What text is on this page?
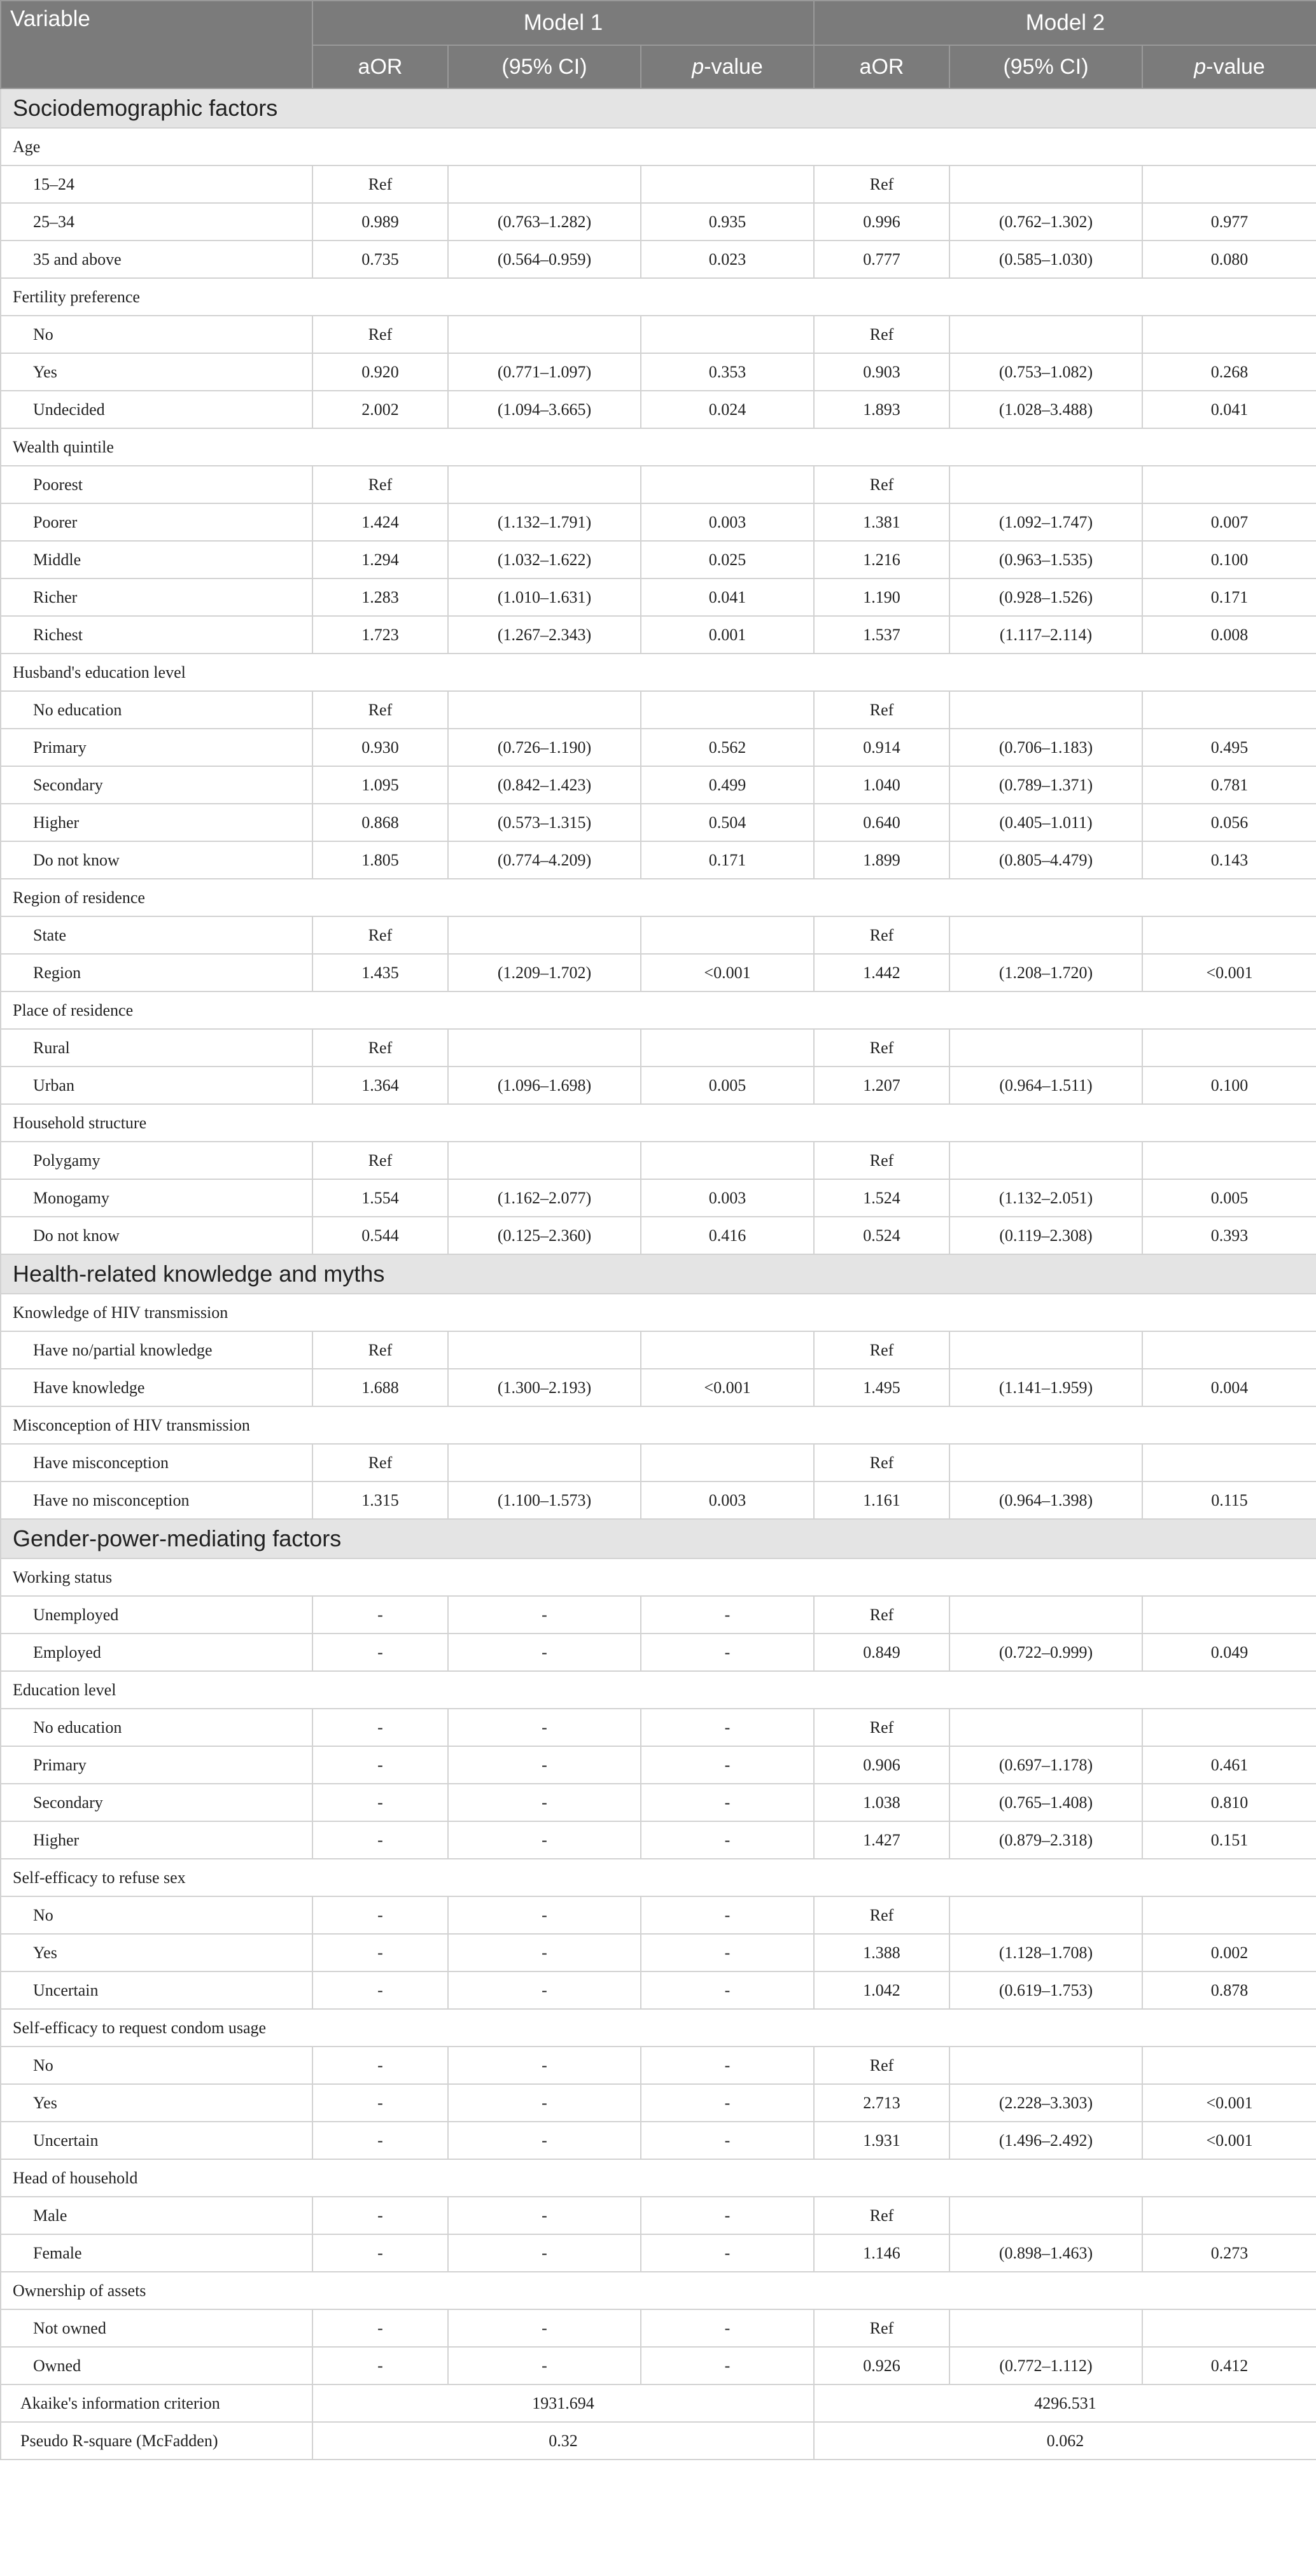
Variable	Model 1			Model 2		
	aOR	(95% CI)	p-value	aOR	(95% CI)	p-value
Sociodemographic factors						
Age						
15–24	Ref			Ref		
25–34	0.989	(0.763–1.282)	0.935	0.996	(0.762–1.302)	0.977
35 and above	0.735	(0.564–0.959)	0.023	0.777	(0.585–1.030)	0.080
Fertility preference						
No	Ref			Ref		
Yes	0.920	(0.771–1.097)	0.353	0.903	(0.753–1.082)	0.268
Undecided	2.002	(1.094–3.665)	0.024	1.893	(1.028–3.488)	0.041
Wealth quintile						
Poorest	Ref			Ref		
Poorer	1.424	(1.132–1.791)	0.003	1.381	(1.092–1.747)	0.007
Middle	1.294	(1.032–1.622)	0.025	1.216	(0.963–1.535)	0.100
Richer	1.283	(1.010–1.631)	0.041	1.190	(0.928–1.526)	0.171
Richest	1.723	(1.267–2.343)	0.001	1.537	(1.117–2.114)	0.008
Husband's education level						
No education	Ref			Ref		
Primary	0.930	(0.726–1.190)	0.562	0.914	(0.706–1.183)	0.495
Secondary	1.095	(0.842–1.423)	0.499	1.040	(0.789–1.371)	0.781
Higher	0.868	(0.573–1.315)	0.504	0.640	(0.405–1.011)	0.056
Do not know	1.805	(0.774–4.209)	0.171	1.899	(0.805–4.479)	0.143
Region of residence						
State	Ref			Ref		
Region	1.435	(1.209–1.702)	<0.001	1.442	(1.208–1.720)	<0.001
Place of residence						
Rural	Ref			Ref		
Urban	1.364	(1.096–1.698)	0.005	1.207	(0.964–1.511)	0.100
Household structure						
Polygamy	Ref			Ref		
Monogamy	1.554	(1.162–2.077)	0.003	1.524	(1.132–2.051)	0.005
Do not know	0.544	(0.125–2.360)	0.416	0.524	(0.119–2.308)	0.393
Health-related knowledge and myths						
Knowledge of HIV transmission						
Have no/partial knowledge	Ref			Ref		
Have knowledge	1.688	(1.300–2.193)	<0.001	1.495	(1.141–1.959)	0.004
Misconception of HIV transmission						
Have misconception	Ref			Ref		
Have no misconception	1.315	(1.100–1.573)	0.003	1.161	(0.964–1.398)	0.115
Gender-power-mediating factors						
Working status						
Unemployed	-	-	-	Ref		
Employed	-	-	-	0.849	(0.722–0.999)	0.049
Education level						
No education	-	-	-	Ref		
Primary	-	-	-	0.906	(0.697–1.178)	0.461
Secondary	-	-	-	1.038	(0.765–1.408)	0.810
Higher	-	-	-	1.427	(0.879–2.318)	0.151
Self-efficacy to refuse sex						
No	-	-	-	Ref		
Yes	-	-	-	1.388	(1.128–1.708)	0.002
Uncertain	-	-	-	1.042	(0.619–1.753)	0.878
Self-efficacy to request condom usage						
No	-	-	-	Ref		
Yes	-	-	-	2.713	(2.228–3.303)	<0.001
Uncertain	-	-	-	1.931	(1.496–2.492)	<0.001
Head of household						
Male	-	-	-	Ref		
Female	-	-	-	1.146	(0.898–1.463)	0.273
Ownership of assets						
Not owned	-	-	-	Ref		
Owned	-	-	-	0.926	(0.772–1.112)	0.412
Akaike's information criterion	1931.694			4296.531		
Pseudo R-square (McFadden)	0.32			0.062		
